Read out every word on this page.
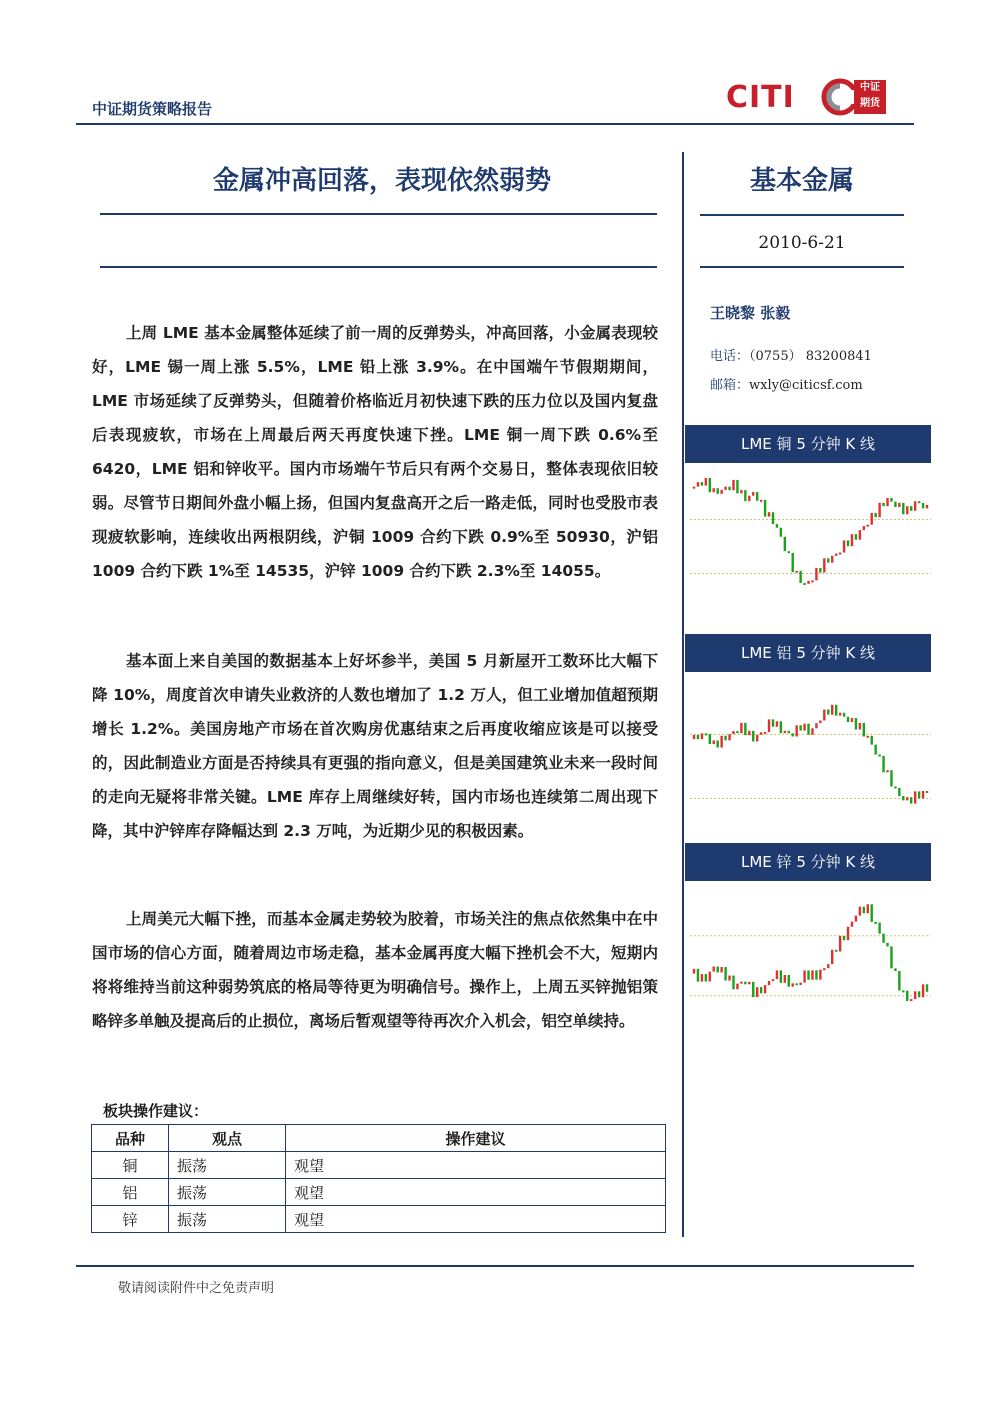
中证期货策略报告	CITI	中证
期货
金属冲高回落，表现依然弱势	基本金属
2010-6-21
王晓黎 张毅
电话：（0755） 83200841
邮箱：wxly@citicsf.com
LME 铜 5 分钟 K 线
LME 铝 5 分钟 K 线
LME 锌 5 分钟 K 线

上周 LME 基本金属整体延续了前一周的反弹势头，冲高回落，小金属表现较好，LME 锡一周上涨 5.5%，LME 铅上涨 3.9%。在中国端午节假期期间，LME 市场延续了反弹势头，但随着价格临近月初快速下跌的压力位以及国内复盘后表现疲软，市场在上周最后两天再度快速下挫。LME 铜一周下跌 0.6%至 6420，LME 铝和锌收平。国内市场端午节后只有两个交易日，整体表现依旧较弱。尽管节日期间外盘小幅上扬，但国内复盘高开之后一路走低，同时也受股市表现疲软影响，连续收出两根阴线，沪铜 1009 合约下跌 0.9%至 50930，沪铝 1009 合约下跌 1%至 14535，沪锌 1009 合约下跌 2.3%至 14055。

基本面上来自美国的数据基本上好坏参半，美国 5 月新屋开工数环比大幅下降 10%，周度首次申请失业救济的人数也增加了 1.2 万人，但工业增加值超预期增长 1.2%。美国房地产市场在首次购房优惠结束之后再度收缩应该是可以接受的，因此制造业方面是否持续具有更强的指向意义，但是美国建筑业未来一段时间的走向无疑将非常关键。LME 库存上周继续好转，国内市场也连续第二周出现下降，其中沪锌库存降幅达到 2.3 万吨，为近期少见的积极因素。

上周美元大幅下挫，而基本金属走势较为胶着，市场关注的焦点依然集中在中国市场的信心方面，随着周边市场走稳，基本金属再度大幅下挫机会不大，短期内将将维持当前这种弱势筑底的格局等待更为明确信号。操作上，上周五买锌抛铝策略锌多单触及提高后的止损位，离场后暂观望等待再次介入机会，铝空单续持。

板块操作建议：
品种	观点	操作建议
铜	振荡	观望
铝	振荡	观望
锌	振荡	观望
敬请阅读附件中之免责声明
